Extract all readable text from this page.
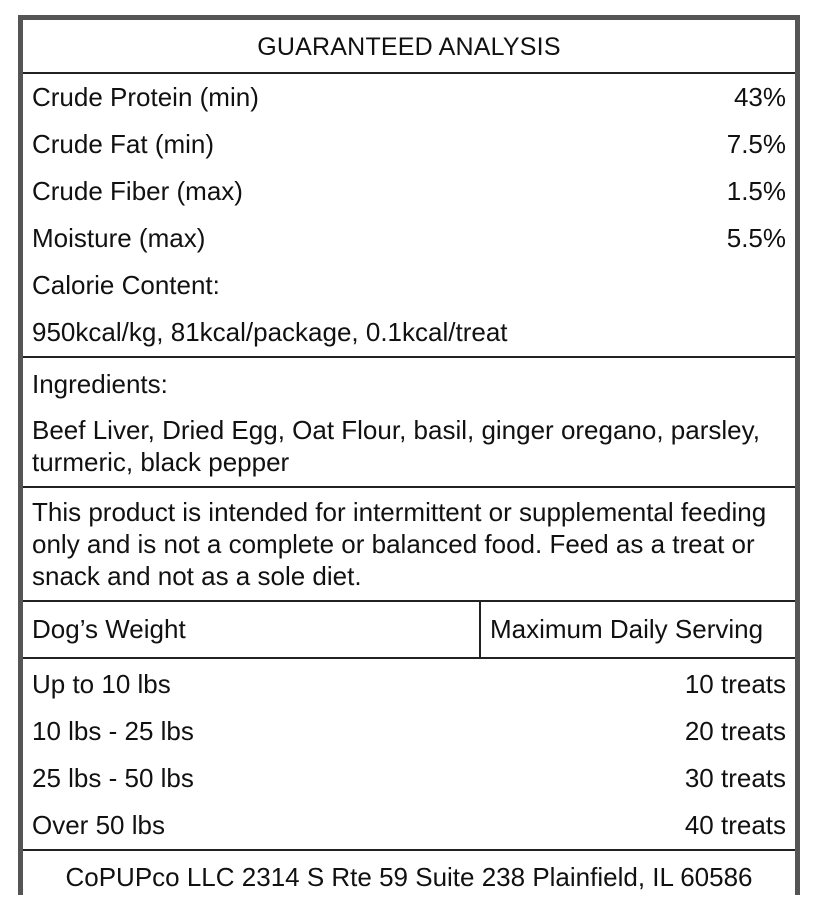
GUARANTEED ANALYSIS
Crude Protein (min)	43%
Crude Fat (min)	7.5%
Crude Fiber (max)	1.5%
Moisture (max)	5.5%
Calorie Content:
950kcal/kg, 81kcal/package, 0.1kcal/treat
Ingredients:
Beef Liver, Dried Egg, Oat Flour, basil, ginger oregano, parsley, turmeric, black pepper
This product is intended for intermittent or supplemental feeding only and is not a complete or balanced food. Feed as a treat or snack and not as a sole diet.
Dog’s Weight	Maximum Daily Serving
Up to 10 lbs	10 treats
10 lbs - 25 lbs	20 treats
25 lbs - 50 lbs	30 treats
Over 50 lbs	40 treats
CoPUPco LLC 2314 S Rte 59 Suite 238 Plainfield, IL 60586
